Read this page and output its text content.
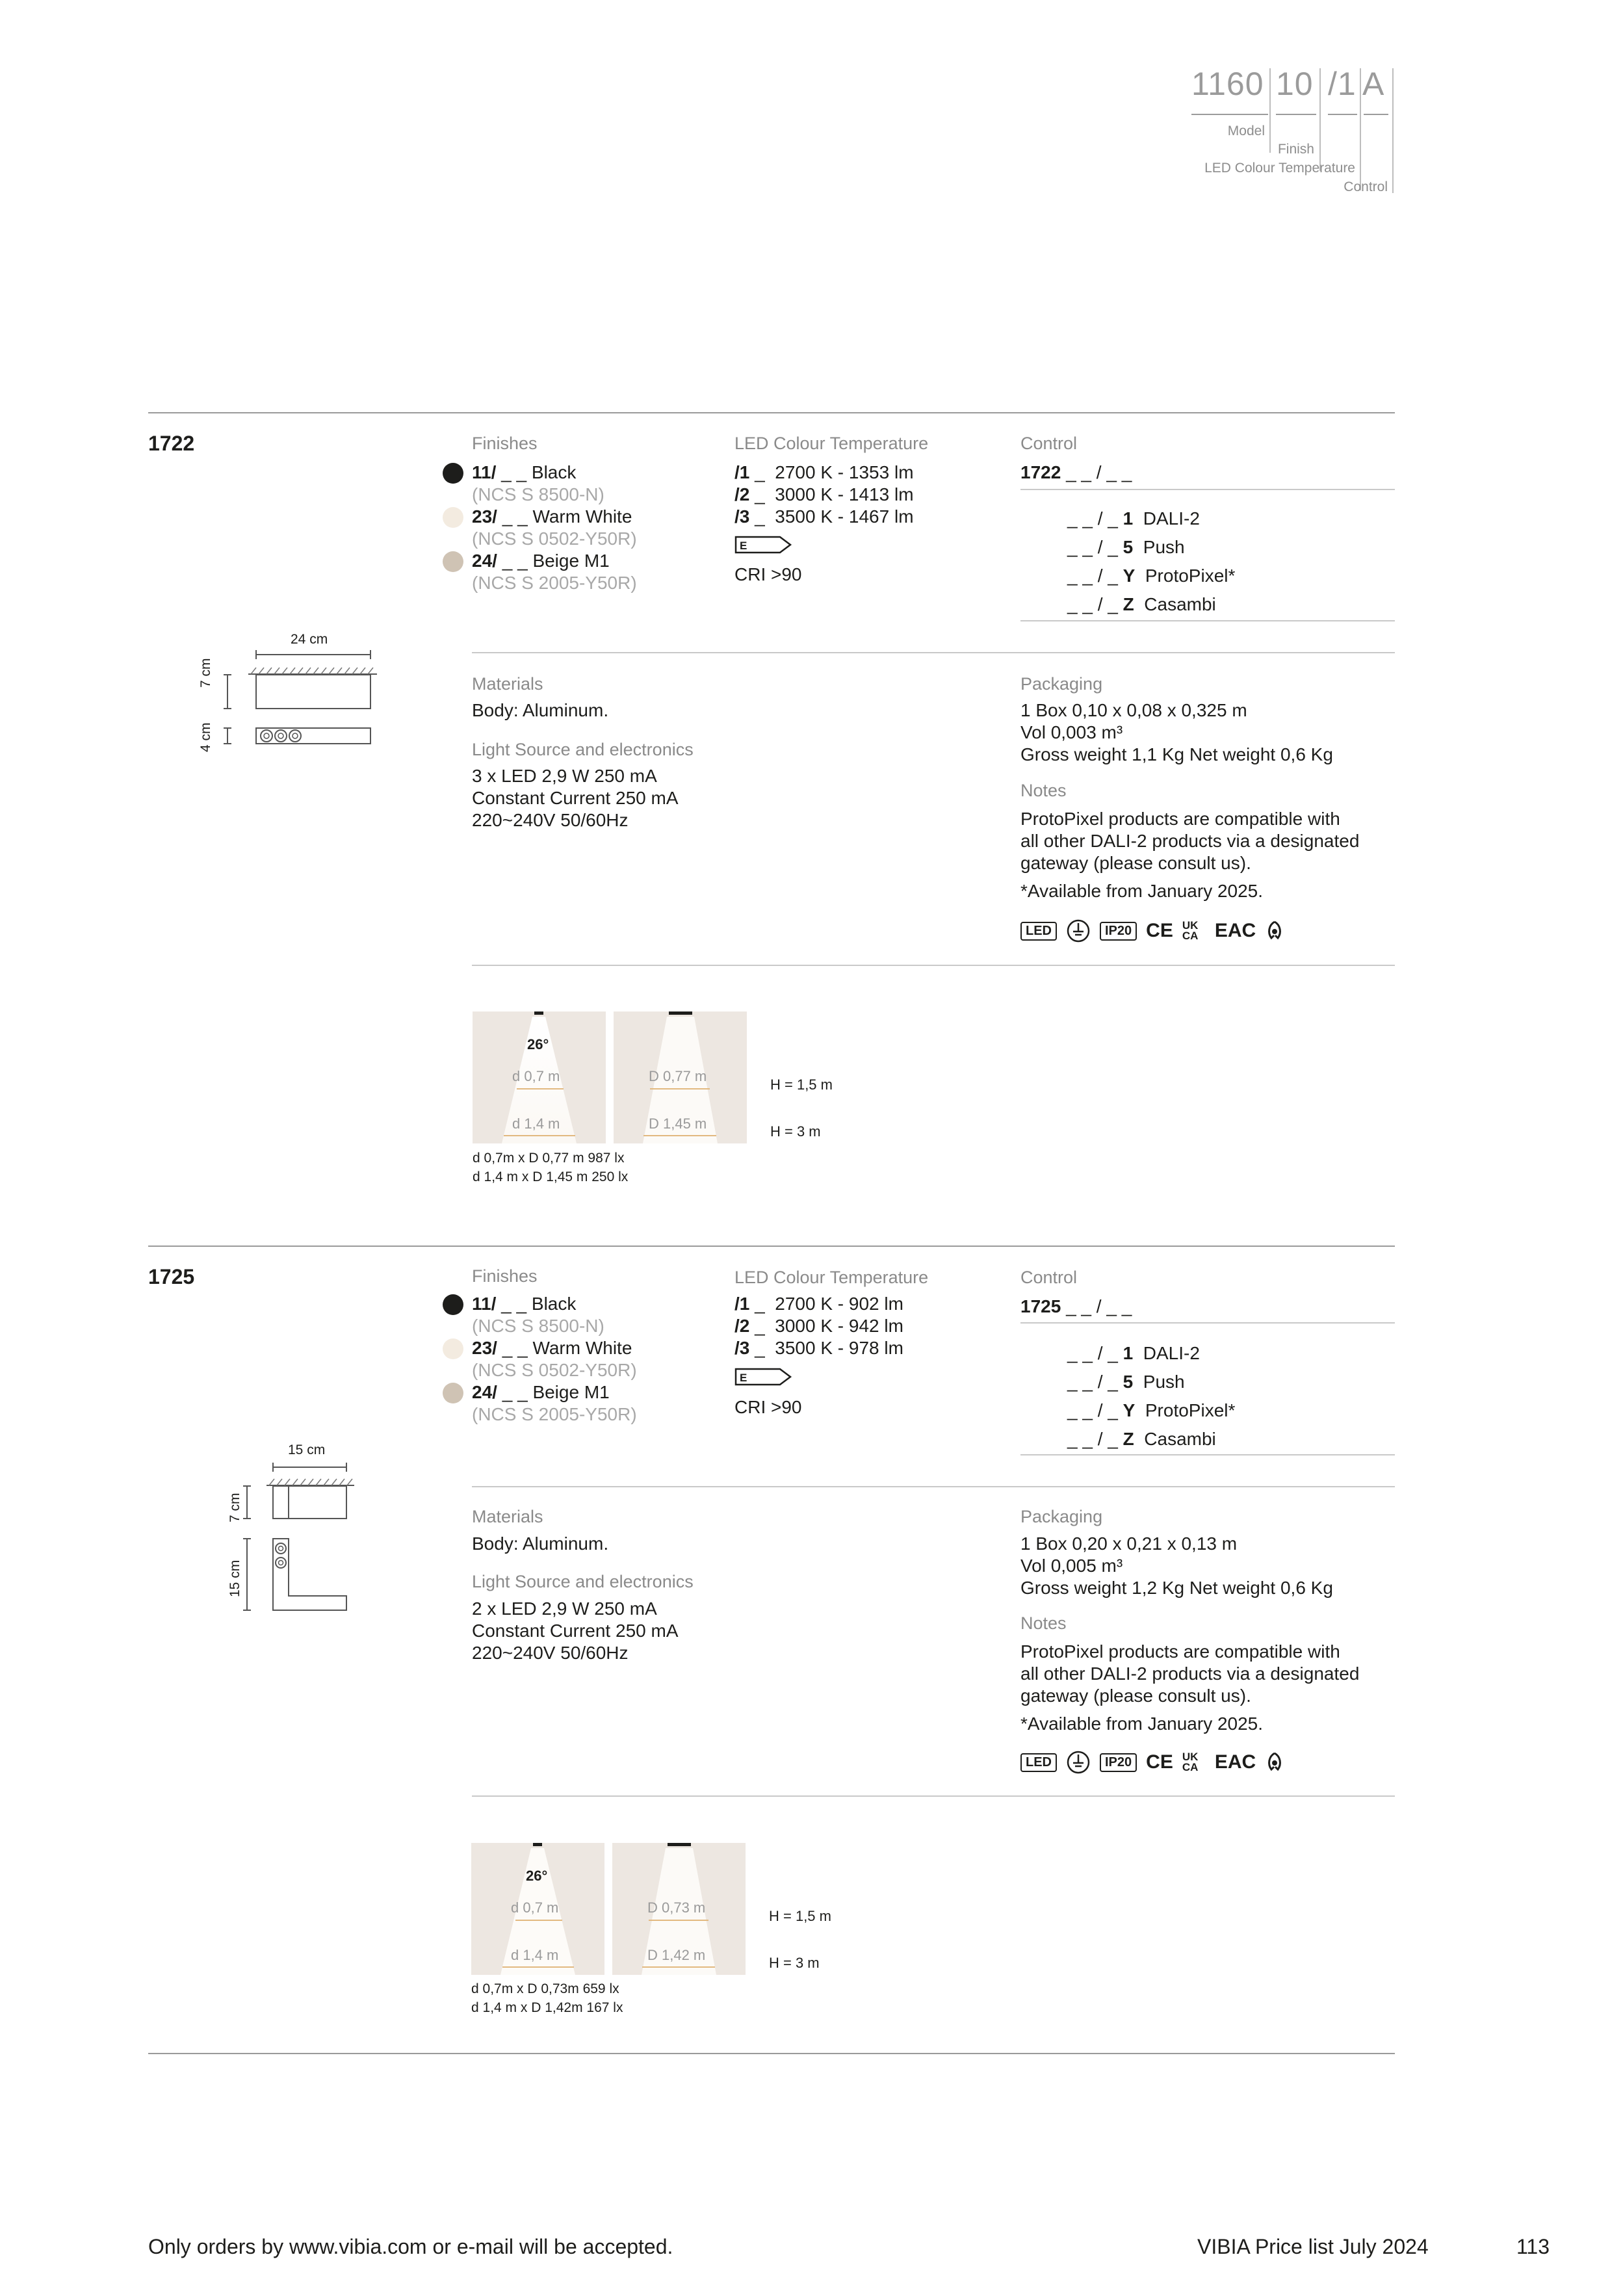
1160 10 /1 A
Model
Finish
LED Colour Temperature
Control
1722	Finishes
11/ _ _ Black
(NCS S 8500-N)
23/ _ _ Warm White
(NCS S 0502-Y50R)
24/ _ _ Beige M1
(NCS S 2005-Y50R)
LED Colour Temperature
/1 _ 2700 K - 1353 lm
/2 _ 3000 K - 1413 lm
/3 _ 3500 K - 1467 lm
E
CRI >90
Control
1722 _ _ / _ _
_ _ / _ 1 DALI-2
_ _ / _ 5 Push
_ _ / _ Y ProtoPixel*
_ _ / _ Z Casambi
24 cm
7 cm
4 cm
Materials
Body: Aluminum.
Light Source and electronics
3 x LED 2,9 W 250 mA
Constant Current 250 mA
220~240V 50/60Hz
Packaging
1 Box 0,10 x 0,08 x 0,325 m
Vol 0,003 m³
Gross weight 1,1 Kg Net weight 0,6 Kg
Notes
ProtoPixel products are compatible with
all other DALI-2 products via a designated
gateway (please consult us).
*Available from January 2025.
LED	IP20 CE UKCA EAC
26°
d 0,7 m
d 1,4 m
D 0,77 m
D 1,45 m
H = 1,5 m
H = 3 m
d 0,7m x D 0,77 m 987 lx
d 1,4 m x D 1,45 m 250 lx
1725	Finishes
11/ _ _ Black
(NCS S 8500-N)
23/ _ _ Warm White
(NCS S 0502-Y50R)
24/ _ _ Beige M1
(NCS S 2005-Y50R)
LED Colour Temperature
/1 _ 2700 K - 902 lm
/2 _ 3000 K - 942 lm
/3 _ 3500 K - 978 lm
E
CRI >90
Control
1725 _ _ / _ _
_ _ / _ 1 DALI-2
_ _ / _ 5 Push
_ _ / _ Y ProtoPixel*
_ _ / _ Z Casambi
15 cm
7 cm
15 cm
Materials
Body: Aluminum.
Light Source and electronics
2 x LED 2,9 W 250 mA
Constant Current 250 mA
220~240V 50/60Hz
Packaging
1 Box 0,20 x 0,21 x 0,13 m
Vol 0,005 m³
Gross weight 1,2 Kg Net weight 0,6 Kg
Notes
ProtoPixel products are compatible with
all other DALI-2 products via a designated
gateway (please consult us).
*Available from January 2025.
LED	IP20 CE UKCA EAC
26°
d 0,7 m
d 1,4 m
D 0,73 m
D 1,42 m
H = 1,5 m
H = 3 m
d 0,7m x D 0,73m 659 lx
d 1,4 m x D 1,42m 167 lx
Only orders by www.vibia.com or e-mail will be accepted.	VIBIA Price list July 2024	113
